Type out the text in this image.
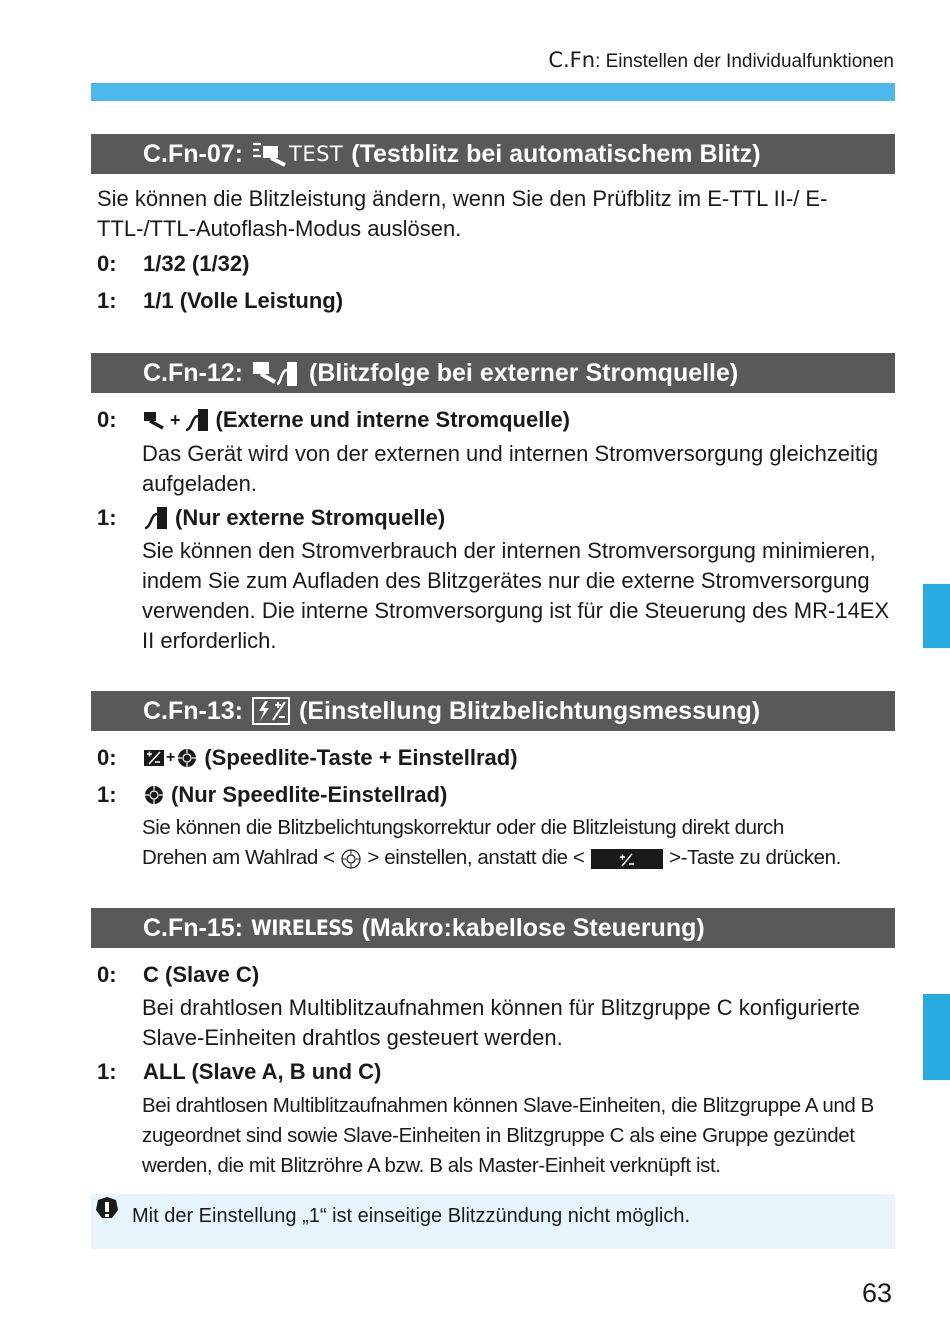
C.Fn: Einstellen der Individualfunktionen
C.Fn-07: TEST (Testblitz bei automatischem Blitz)
Sie können die Blitzleistung ändern, wenn Sie den Prüfblitz im E-TTL II-/ E-TTL-/TTL-Autoflash-Modus auslösen.
0:	1/32 (1/32)
1:	1/1 (Volle Leistung)
C.Fn-12:	(Blitzfolge bei externer Stromquelle)
0:	+ (Externe und interne Stromquelle)
Das Gerät wird von der externen und internen Stromversorgung gleichzeitig aufgeladen.
1:	(Nur externe Stromquelle)
Sie können den Stromverbrauch der internen Stromversorgung minimieren, indem Sie zum Aufladen des Blitzgerätes nur die externe Stromversorgung verwenden. Die interne Stromversorgung ist für die Steuerung des MR-14EX II erforderlich.
C.Fn-13: (Einstellung Blitzbelichtungsmessung)
0:	+ (Speedlite-Taste + Einstellrad)
1:	(Nur Speedlite-Einstellrad)
Sie können die Blitzbelichtungskorrektur oder die Blitzleistung direkt durch
Drehen am Wahlrad < > einstellen, anstatt die <	>-Taste zu drücken.
C.Fn-15: WIRELESS (Makro:kabellose Steuerung)
0:	C (Slave C)
Bei drahtlosen Multiblitzaufnahmen können für Blitzgruppe C konfigurierte Slave-Einheiten drahtlos gesteuert werden.
1:	ALL (Slave A, B und C)
Bei drahtlosen Multiblitzaufnahmen können Slave-Einheiten, die Blitzgruppe A und B zugeordnet sind sowie Slave-Einheiten in Blitzgruppe C als eine Gruppe gezündet werden, die mit Blitzröhre A bzw. B als Master-Einheit verknüpft ist.
Mit der Einstellung „1“ ist einseitige Blitzzündung nicht möglich.
63
